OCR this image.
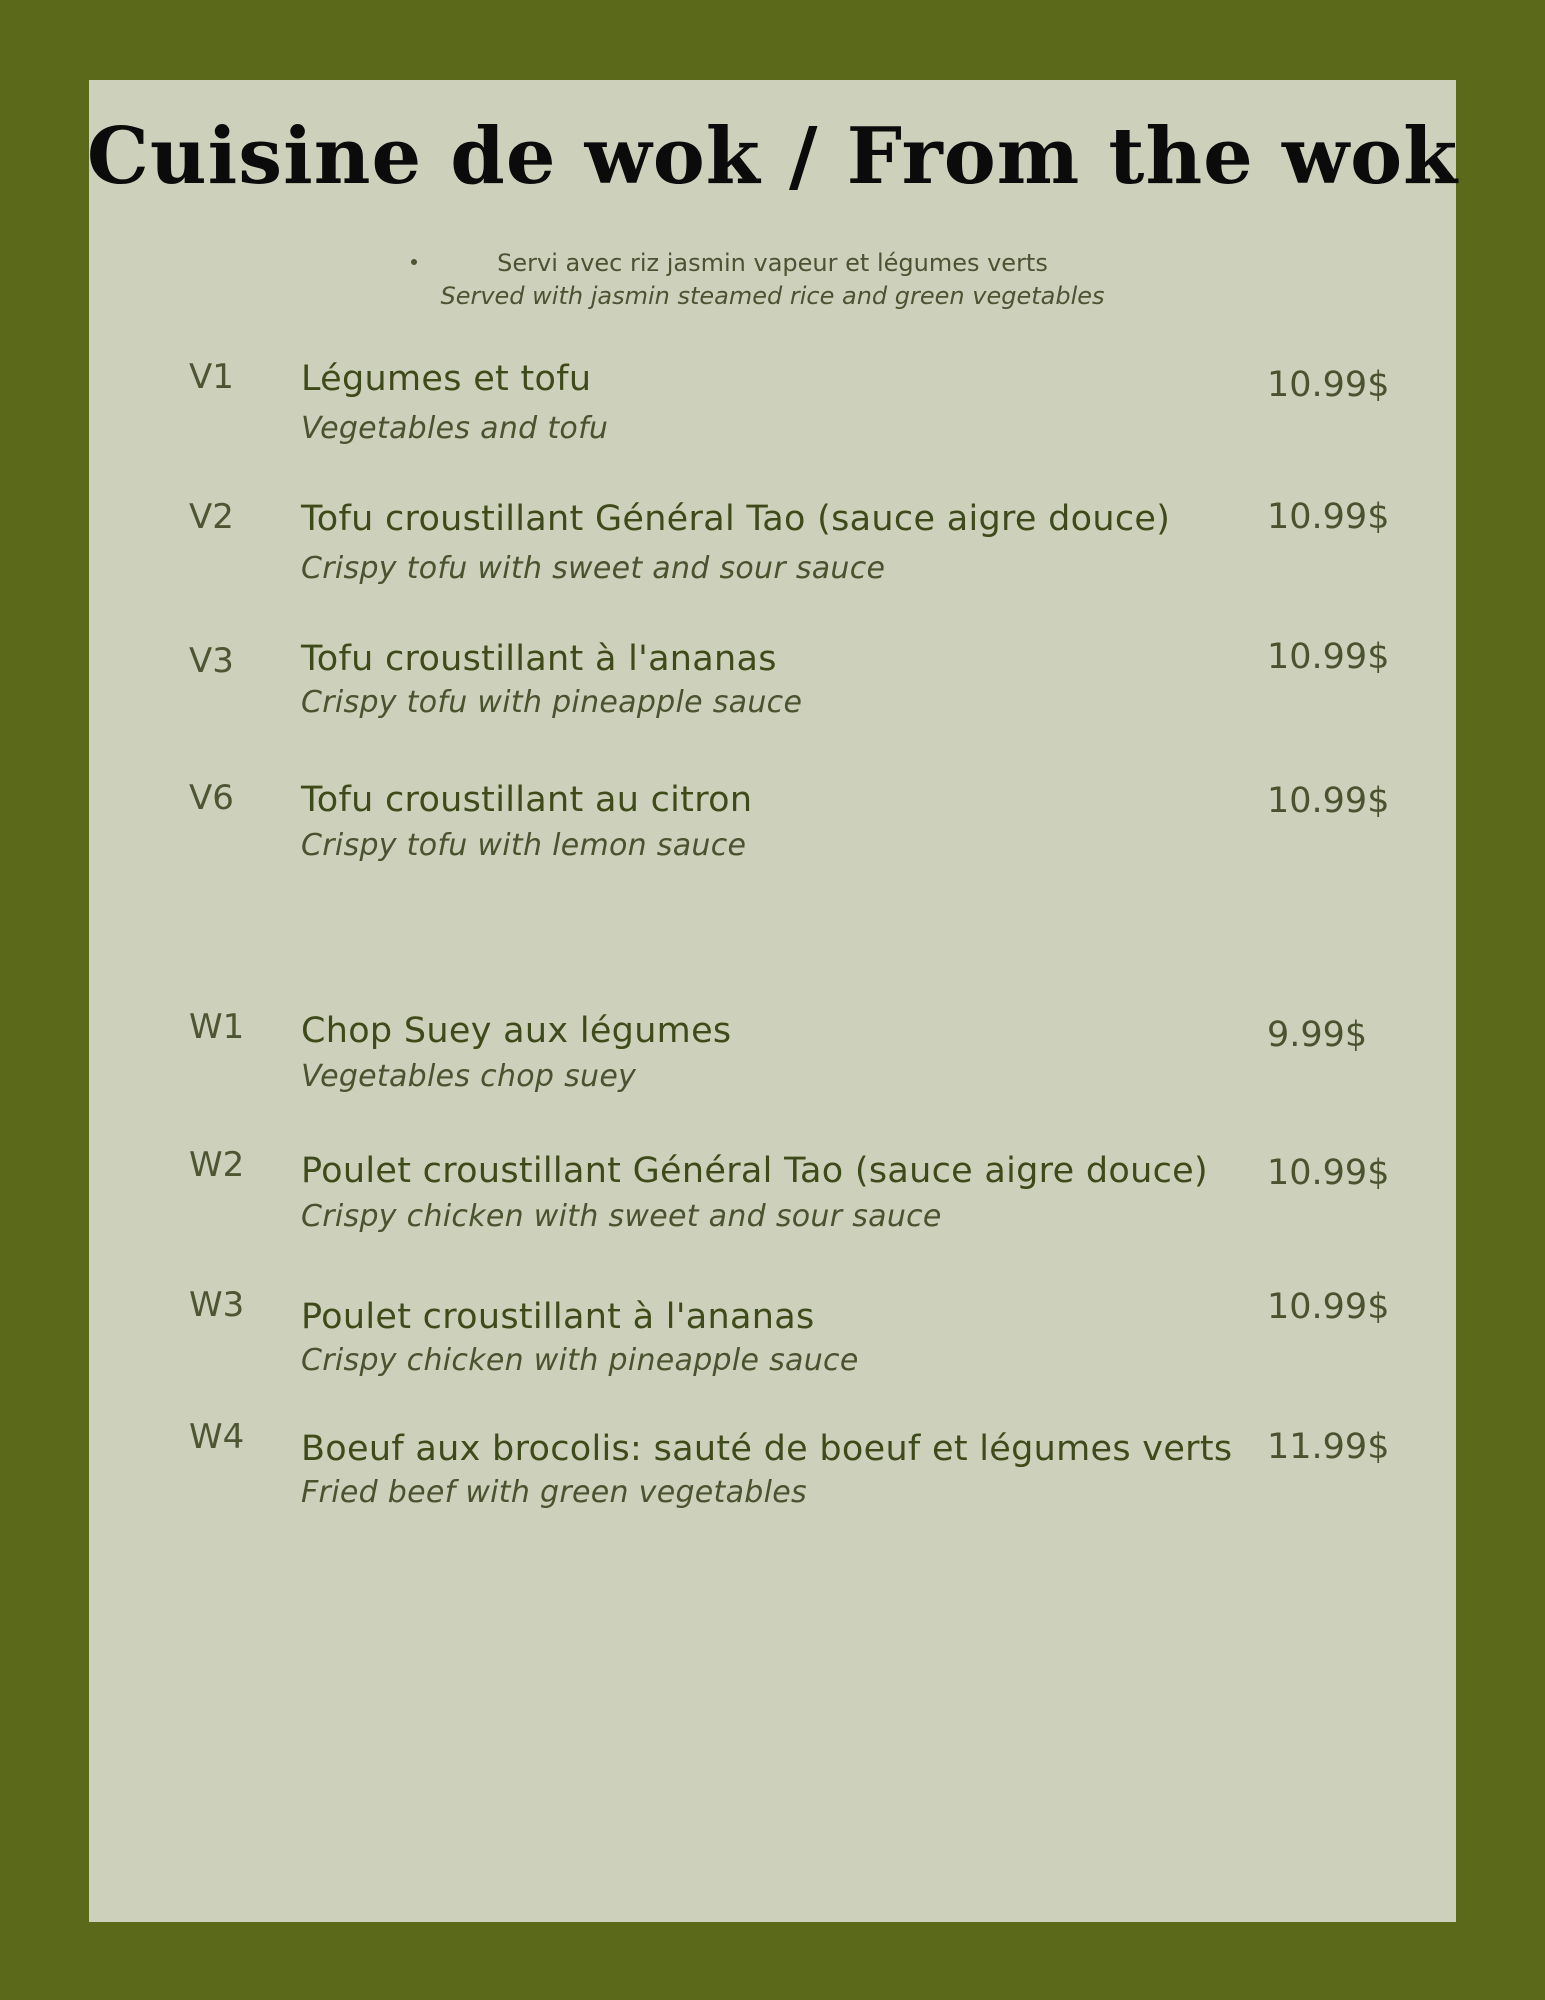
Cuisine de wok / From the wok
Servi avec riz jasmin vapeur et légumes verts
Served with jasmin steamed rice and green vegetables
V1 Légumes et tofu
Vegetables and tofu
10.99$
V2 Tofu croustillant Général Tao (sauce aigre douce)
Crispy tofu with sweet and sour sauce
10.99$
V3 Tofu croustillant à l'ananas
Crispy tofu with pineapple sauce
10.99$
V6 Tofu croustillant au citron
Crispy tofu with lemon sauce
10.99$
W1 Chop Suey aux légumes
Vegetables chop suey
9.99$
W2 Poulet croustillant Général Tao (sauce aigre douce)
Crispy chicken with sweet and sour sauce
10.99$
W3 Poulet croustillant à l'ananas
Crispy chicken with pineapple sauce
10.99$
W4 Boeuf aux brocolis: sauté de boeuf et légumes verts
Fried beef with green vegetables
11.99$
